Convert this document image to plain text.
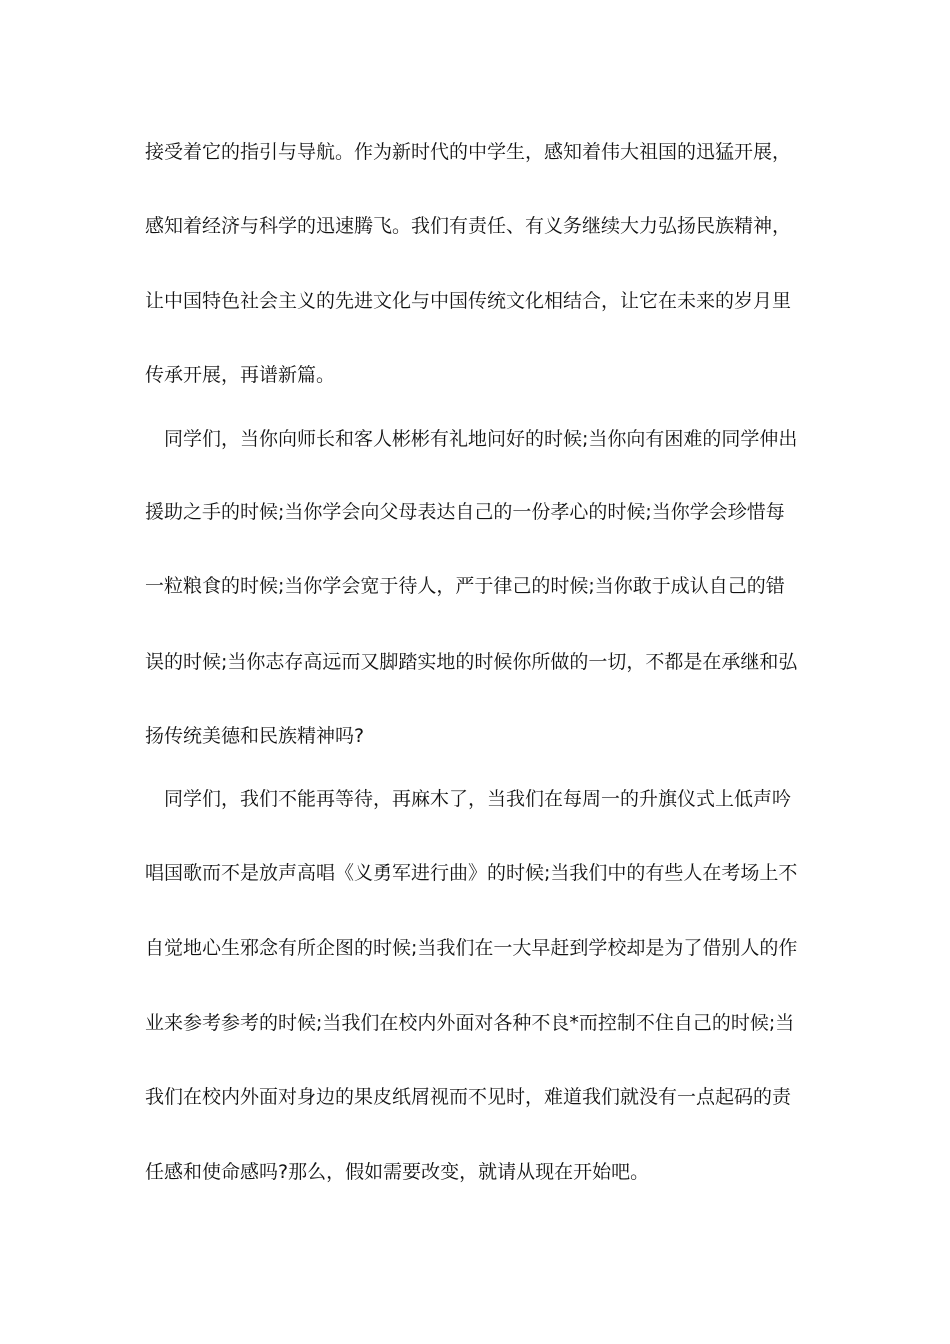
接受着它的指引与导航。作为新时代的中学生，感知着伟大祖国的迅猛开展，
感知着经济与科学的迅速腾飞。我们有责任、有义务继续大力弘扬民族精神，
让中国特色社会主义的先进文化与中国传统文化相结合，让它在未来的岁月里
传承开展，再谱新篇。
同学们，当你向师长和客人彬彬有礼地问好的时候;当你向有困难的同学伸出
援助之手的时候;当你学会向父母表达自己的一份孝心的时候;当你学会珍惜每
一粒粮食的时候;当你学会宽于待人，严于律己的时候;当你敢于成认自己的错
误的时候;当你志存高远而又脚踏实地的时候你所做的一切，不都是在承继和弘
扬传统美德和民族精神吗?
同学们，我们不能再等待，再麻木了，当我们在每周一的升旗仪式上低声吟
唱国歌而不是放声高唱《义勇军进行曲》的时候;当我们中的有些人在考场上不
自觉地心生邪念有所企图的时候;当我们在一大早赶到学校却是为了借别人的作
业来参考参考的时候;当我们在校内外面对各种不良*而控制不住自己的时候;当
我们在校内外面对身边的果皮纸屑视而不见时，难道我们就没有一点起码的责
任感和使命感吗?那么，假如需要改变，就请从现在开始吧。
